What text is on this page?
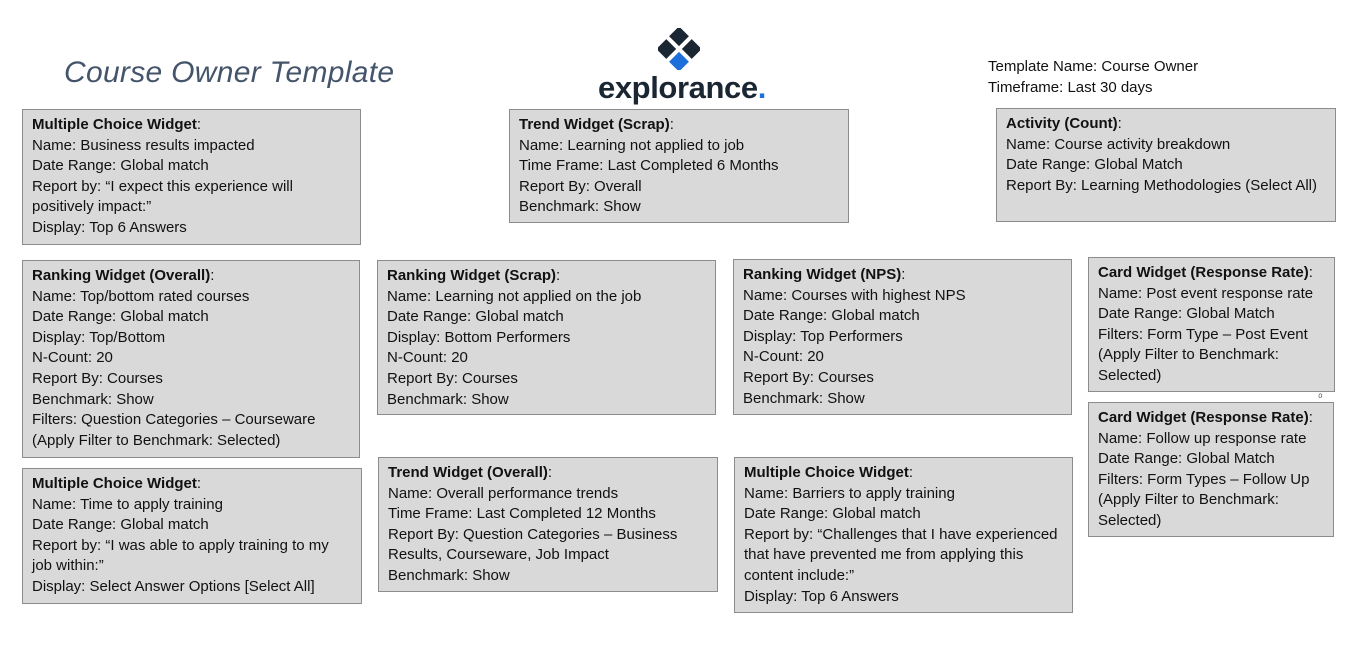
Course Owner Template	explorance.
Template Name: Course Owner
Timeframe: Last 30 days
Multiple Choice Widget:
Name: Business results impacted
Date Range: Global match
Report by: “I expect this experience will positively impact:”
Display: Top 6 Answers
Trend Widget (Scrap):
Name: Learning not applied to job
Time Frame: Last Completed 6 Months
Report By: Overall
Benchmark: Show
Activity (Count):
Name: Course activity breakdown
Date Range: Global Match
Report By: Learning Methodologies (Select All)
Ranking Widget (Overall):
Name: Top/bottom rated courses
Date Range: Global match
Display: Top/Bottom
N-Count: 20
Report By: Courses
Benchmark: Show
Filters: Question Categories – Courseware (Apply Filter to Benchmark: Selected)
Ranking Widget (Scrap):
Name: Learning not applied on the job
Date Range: Global match
Display: Bottom Performers
N-Count: 20
Report By: Courses
Benchmark: Show
Ranking Widget (NPS):
Name: Courses with highest NPS
Date Range: Global match
Display: Top Performers
N-Count: 20
Report By: Courses
Benchmark: Show
Card Widget (Response Rate):
Name: Post event response rate
Date Range: Global Match
Filters: Form Type – Post Event (Apply Filter to Benchmark: Selected)
Card Widget (Response Rate):
Name: Follow up response rate
Date Range: Global Match
Filters: Form Types – Follow Up (Apply Filter to Benchmark: Selected)
Multiple Choice Widget:
Name: Time to apply training
Date Range: Global match
Report by: “I was able to apply training to my job within:”
Display: Select Answer Options [Select All]
Trend Widget (Overall):
Name: Overall performance trends
Time Frame: Last Completed 12 Months
Report By: Question Categories – Business Results, Courseware, Job Impact
Benchmark: Show
Multiple Choice Widget:
Name: Barriers to apply training
Date Range: Global match
Report by: “Challenges that I have experienced that have prevented me from applying this content include:”
Display: Top 6 Answers
₀
